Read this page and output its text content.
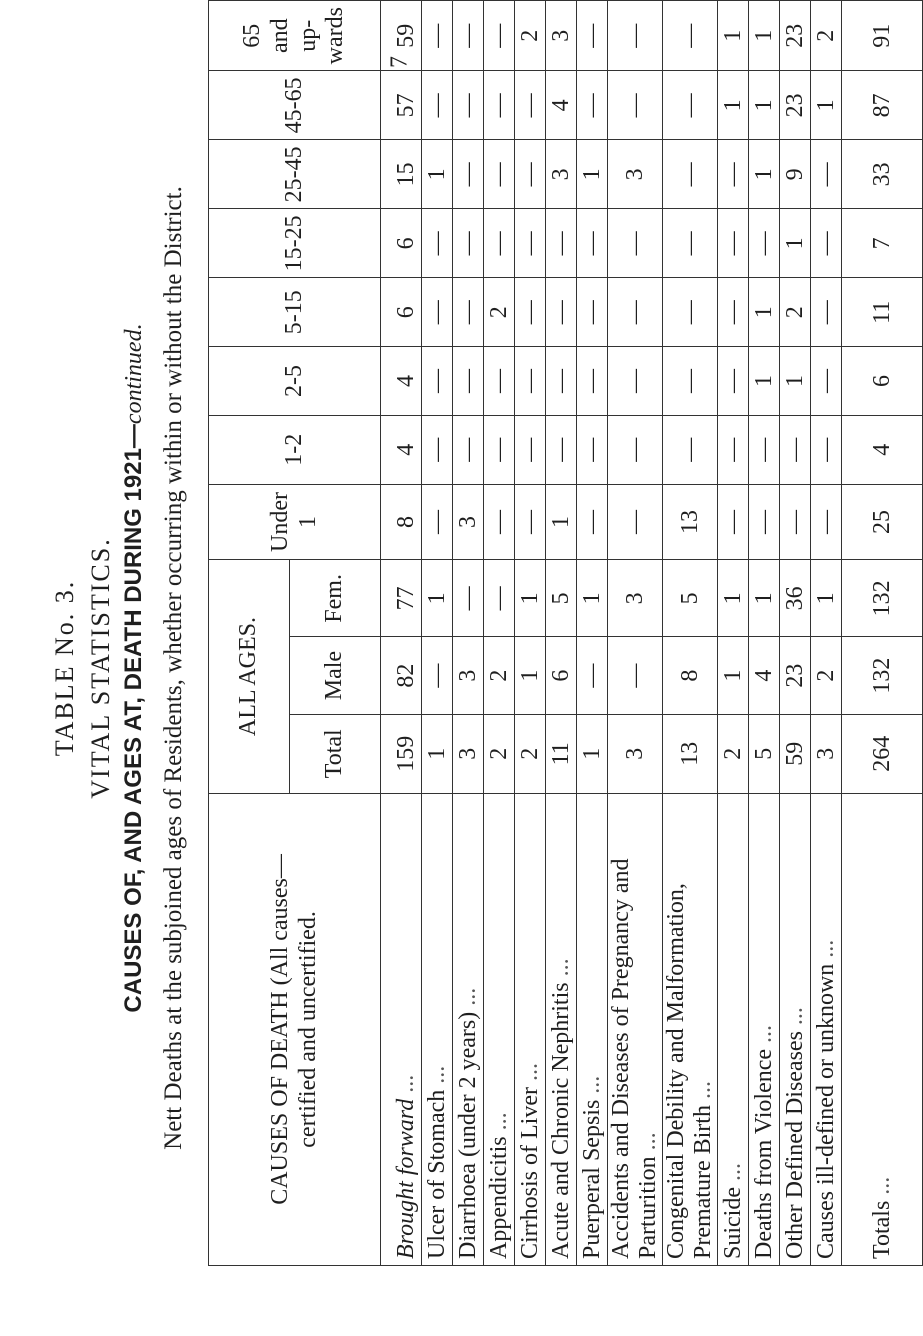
7
TABLE No. 3. VITAL STATISTICS. CAUSES OF, AND AGES AT, DEATH DURING 1921—continued. Nett Deaths at the subjoined ages of Residents, whether occurring within or without the District.	CAUSES OF DEATH (All causes—certified and uncertified.	ALL AGES.			Under 1	1-2	2-5	5-15	15-25	25-45	45-65	65 and up-wards
	Total	Male	Fem.								
Brought forward ...	159	82	77	8	4	4	6	6	15	57	59
Ulcer of Stomach ...	1	—	1	—	—	—	—	—	1	—	—
Diarrhoea (under 2 years) ...	3	3	—	3	—	—	—	—	—	—	—
Appendicitis ...	2	2	—	—	—	—	2	—	—	—	—
Cirrhosis of Liver ...	2	1	1	—	—	—	—	—	—	—	2
Acute and Chronic Nephritis ...	11	6	5	1	—	—	—	—	3	4	3
Puerperal Sepsis ...	1	—	1	—	—	—	—	—	1	—	—
Accidents and Diseases of Pregnancy and Parturition ...	3	—	3	—	—	—	—	—	3	—	—
Congenital Debility and Malformation, Premature Birth ...	13	8	5	13	—	—	—	—	—	—	—
Suicide ...	2	1	1	—	—	—	—	—	—	1	1
Deaths from Violence ...	5	4	1	—	—	1	1	—	1	1	1
Other Defined Diseases ...	59	23	36	—	—	1	2	1	9	23	23
Causes ill-defined or unknown ...	3	2	1	—	—	—	—	—	—	1	2
Totals ...	264	132	132	25	4	6	11	7	33	87	91
